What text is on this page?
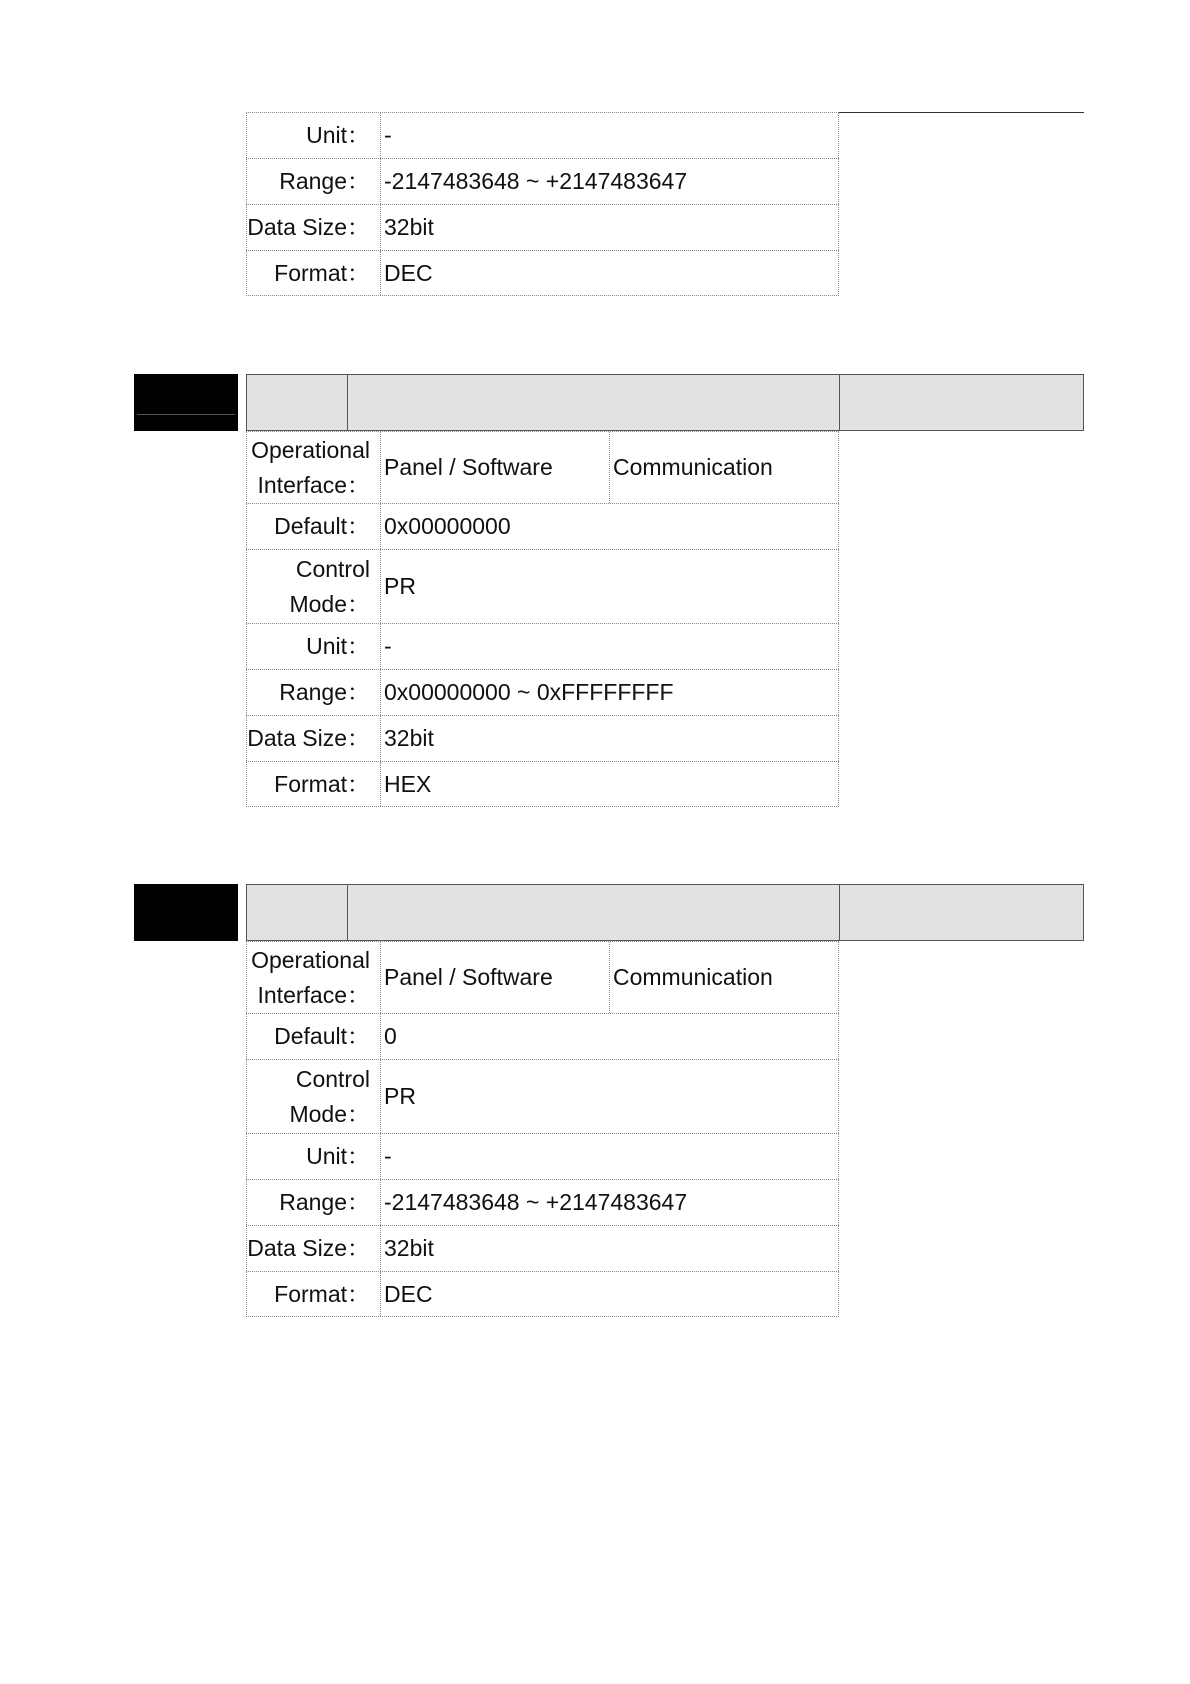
Unit： -
Range： -2147483648 ~ +2147483647
Data Size： 32bit
Format： DEC
Operational
Interface：
Panel / Software	Communication
Default： 0x00000000
Control
Mode：
PR
Unit： -
Range： 0x00000000 ~ 0xFFFFFFFF
Data Size： 32bit
Format： HEX
Operational
Interface：
Panel / Software	Communication
Default： 0
Control
Mode：
PR
Unit： -
Range： -2147483648 ~ +2147483647
Data Size： 32bit
Format： DEC
